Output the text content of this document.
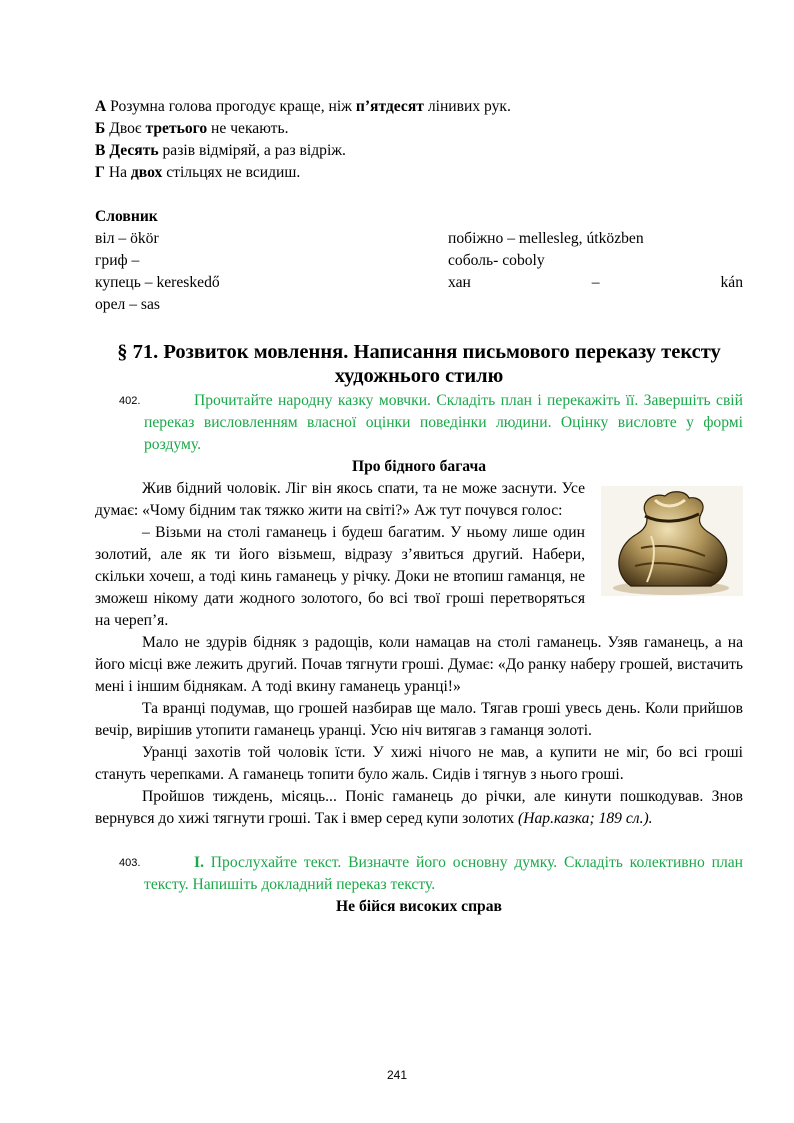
А Розумна голова прогодує краще, ніж п’ятдесят лінивих рук.

Б Двоє третього не чекають.

В Десять разів відміряй, а раз відріж.

Г На двох стільцях не всидиш.

Словник

віл – ökör	побіжно – mellesleg, útközben
гриф –	соболь- coboly
купець – kereskedő	хан – kán
орел – sas
§ 71. Розвиток мовлення. Написання письмового переказу тексту художнього стилю

402.	Прочитайте народну казку мовчки. Складіть план і перекажіть її. Завершіть свій переказ висловленням власної оцінки поведінки людини. Оцінку висловте у формі роздуму.

Про бідного багача

Жив бідний чоловік. Ліг він якось спати, та не може заснути. Усе думає: «Чому бідним так тяжко жити на світі?» Аж тут почувся голос:

– Візьми на столі гаманець і будеш багатим. У ньому лише один золотий, але як ти його візьмеш, відразу з’явиться другий. Набери, скільки хочеш, а тоді кинь гаманець у річку. Доки не втопиш гаманця, не зможеш нікому дати жодного золотого, бо всі твої гроші перетворяться на череп’я.

Мало не здурів бідняк з радощів, коли намацав на столі гаманець. Узяв гаманець, а на його місці вже лежить другий. Почав тягнути гроші. Думає: «До ранку наберу грошей, вистачить мені і іншим біднякам. А тоді вкину гаманець уранці!»

Та вранці подумав, що грошей назбирав ще мало. Тягав гроші увесь день. Коли прийшов вечір, вирішив утопити гаманець уранці. Усю ніч витягав з гаманця золоті.

Уранці захотів той чоловік їсти. У хижі нічого не мав, а купити не міг, бо всі гроші стануть черепками. А гаманець топити було жаль. Сидів і тягнув з нього гроші.

Пройшов тиждень, місяць... Поніс гаманець до річки, але кинути пошкодував. Знов вернувся до хижі тягнути гроші. Так і вмер серед купи золотих (Нар.казка; 189 сл.).

403.	І. Прослухайте текст. Визначте його основну думку. Складіть колективно план тексту. Напишіть докладний переказ тексту.

Не бійся високих справ

241
